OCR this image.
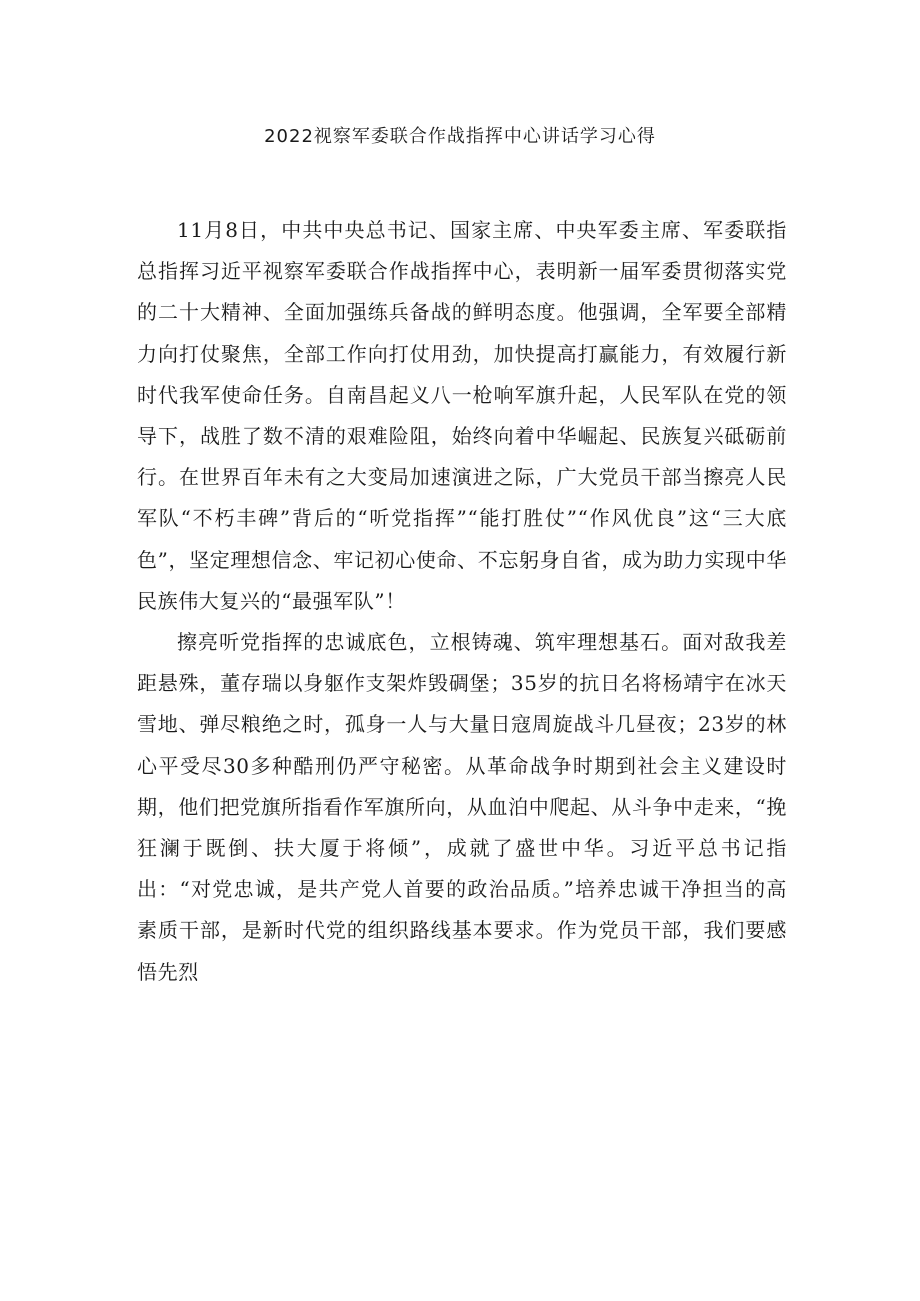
2022视察军委联合作战指挥中心讲话学习心得

11月8日，中共中央总书记、国家主席、中央军委主席、军委联指总指挥习近平视察军委联合作战指挥中心，表明新一届军委贯彻落实党的二十大精神、全面加强练兵备战的鲜明态度。他强调，全军要全部精力向打仗聚焦，全部工作向打仗用劲，加快提高打赢能力，有效履行新时代我军使命任务。自南昌起义八一枪响军旗升起，人民军队在党的领导下，战胜了数不清的艰难险阻，始终向着中华崛起、民族复兴砥砺前行。在世界百年未有之大变局加速演进之际，广大党员干部当擦亮人民军队“不朽丰碑”背后的“听党指挥”“能打胜仗”“作风优良”这“三大底色”，坚定理想信念、牢记初心使命、不忘躬身自省，成为助力实现中华民族伟大复兴的“最强军队”！

擦亮听党指挥的忠诚底色，立根铸魂、筑牢理想基石。面对敌我差距悬殊，董存瑞以身躯作支架炸毁碉堡；35岁的抗日名将杨靖宇在冰天雪地、弹尽粮绝之时，孤身一人与大量日寇周旋战斗几昼夜；23岁的林心平受尽30多种酷刑仍严守秘密。从革命战争时期到社会主义建设时期，他们把党旗所指看作军旗所向，从血泊中爬起、从斗争中走来，“挽狂澜于既倒、扶大厦于将倾”，成就了盛世中华。习近平总书记指出：“对党忠诚，是共产党人首要的政治品质。”培养忠诚干净担当的高素质干部，是新时代党的组织路线基本要求。作为党员干部，我们要感悟先烈
